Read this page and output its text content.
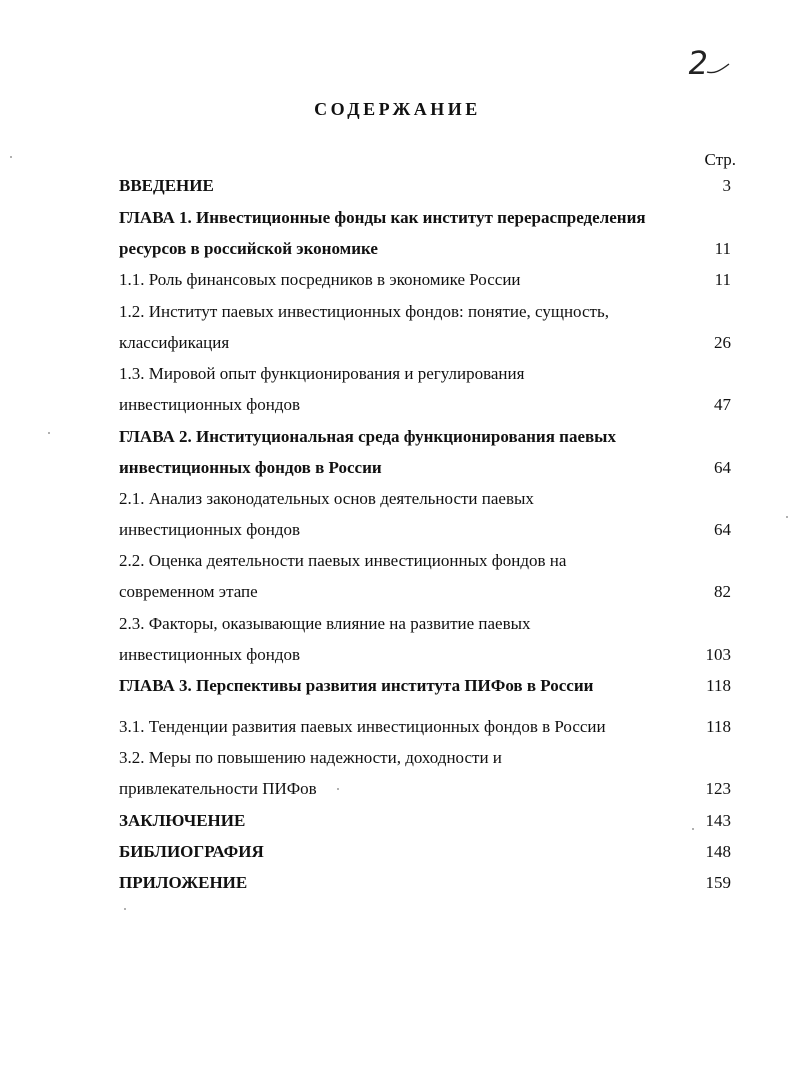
2
СОДЕРЖАНИЕ
Стр.
ВВЕДЕНИЕ	3
ГЛАВА 1. Инвестиционные фонды как институт перераспределения
ресурсов в российской экономике	11
1.1. Роль финансовых посредников в экономике России	11
1.2. Институт паевых инвестиционных фондов: понятие, сущность,
классификация	26
1.3. Мировой опыт функционирования и регулирования
инвестиционных фондов	47
ГЛАВА 2. Институциональная среда функционирования паевых
инвестиционных фондов в России	64
2.1. Анализ законодательных основ деятельности паевых
инвестиционных фондов	64
2.2. Оценка деятельности паевых инвестиционных фондов на
современном этапе	82
2.3. Факторы, оказывающие влияние на развитие паевых
инвестиционных фондов	103
ГЛАВА 3. Перспективы развития института ПИФов в России	118
3.1. Тенденции развития паевых инвестиционных фондов в России	118
3.2. Меры по повышению надежности, доходности и
привлекательности ПИФов	123
ЗАКЛЮЧЕНИЕ	143
БИБЛИОГРАФИЯ	148
ПРИЛОЖЕНИЕ	159
